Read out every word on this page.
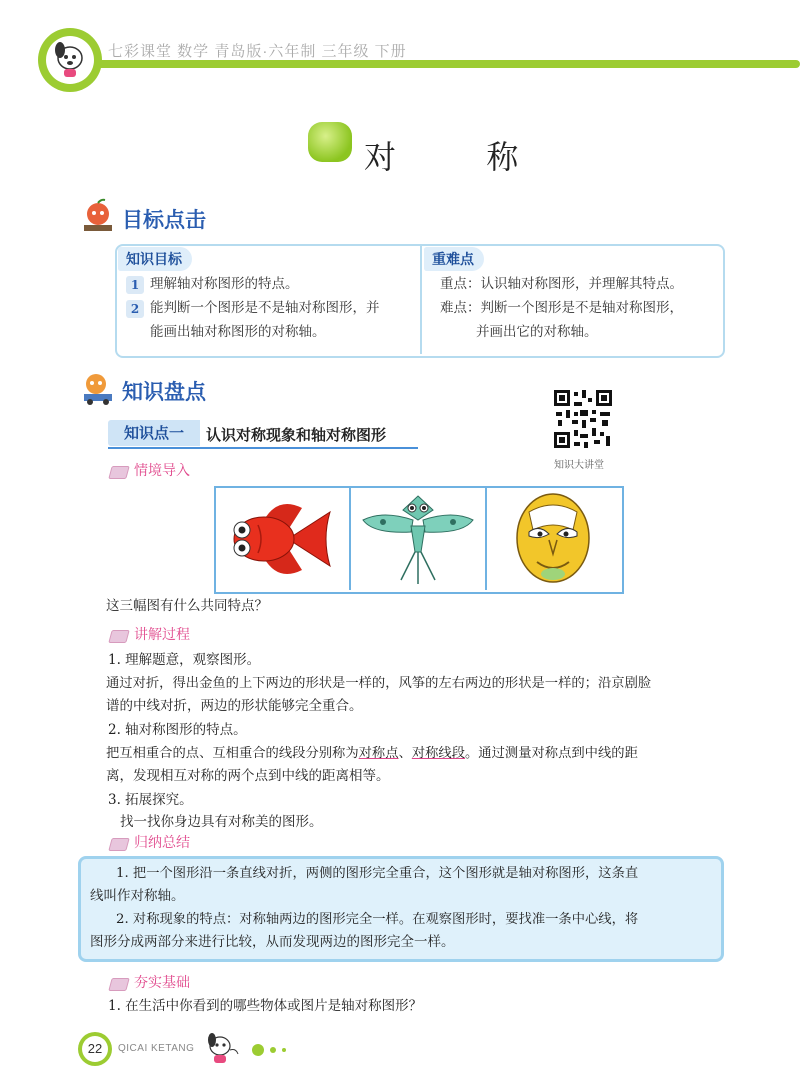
七彩课堂 数学 青岛版·六年制 三年级 下册
对	称
目标点击
知识目标	重难点
1 理解轴对称图形的特点。
2 能判断一个图形是不是轴对称图形，并
能画出轴对称图形的对称轴。
重点：认识轴对称图形，并理解其特点。
难点：判断一个图形是不是轴对称图形，
并画出它的对称轴。
知识盘点
知识大讲堂
知识点一	认识对称现象和轴对称图形
情境导入
这三幅图有什么共同特点？
讲解过程
1. 理解题意，观察图形。
通过对折，得出金鱼的上下两边的形状是一样的，风筝的左右两边的形状是一样的；沿京剧脸
谱的中线对折，两边的形状能够完全重合。
2. 轴对称图形的特点。
把互相重合的点、互相重合的线段分别称为对称点、对称线段。通过测量对称点到中线的距
离，发现相互对称的两个点到中线的距离相等。
3. 拓展探究。
找一找你身边具有对称美的图形。
归纳总结
1. 把一个图形沿一条直线对折，两侧的图形完全重合，这个图形就是轴对称图形，这条直
线叫作对称轴。
2. 对称现象的特点：对称轴两边的图形完全一样。在观察图形时，要找准一条中心线，将
图形分成两部分来进行比较，从而发现两边的图形完全一样。
夯实基础
1. 在生活中你看到的哪些物体或图片是轴对称图形？
22	QICAI KETANG
